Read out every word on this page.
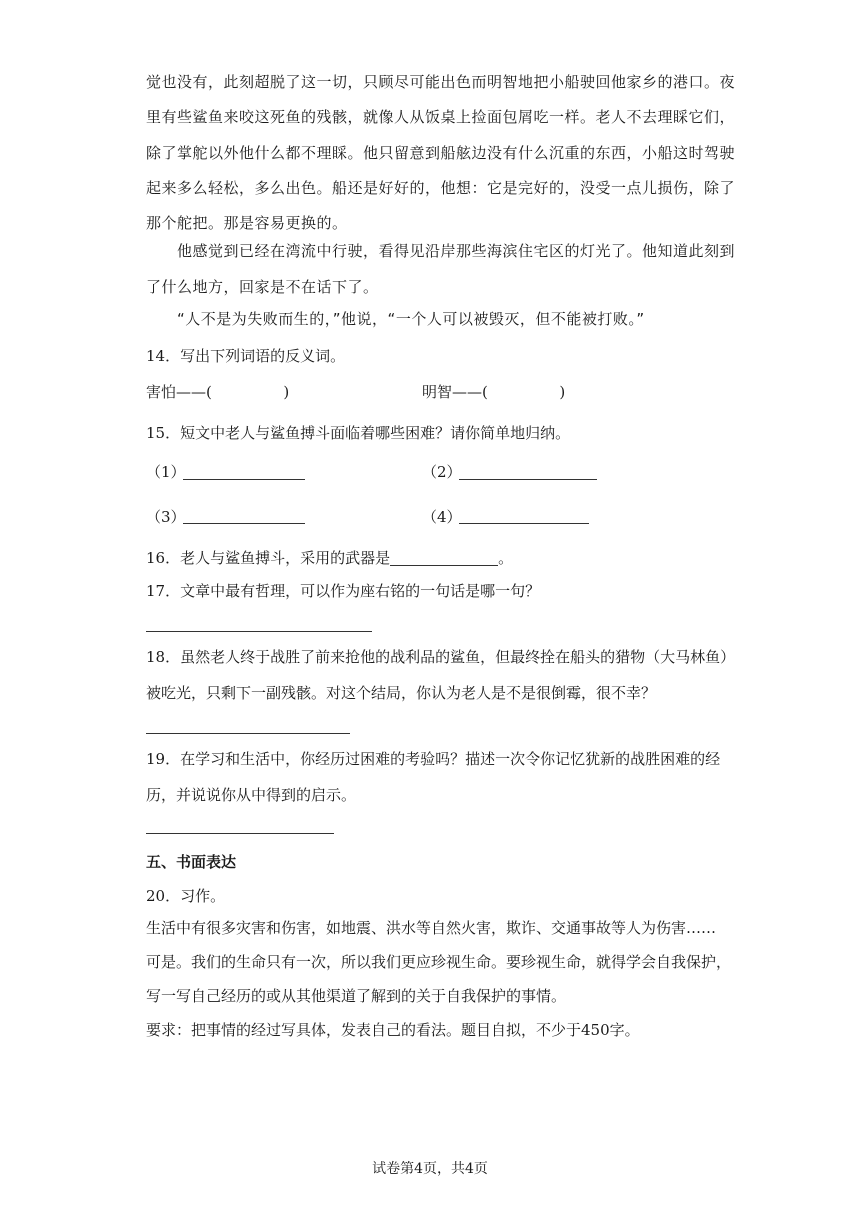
觉也没有，此刻超脱了这一切，只顾尽可能出色而明智地把小船驶回他家乡的港口。夜
里有些鲨鱼来咬这死鱼的残骸，就像人从饭桌上捡面包屑吃一样。老人不去理睬它们，
除了掌舵以外他什么都不理睬。他只留意到船舷边没有什么沉重的东西，小船这时驾驶
起来多么轻松，多么出色。船还是好好的，他想：它是完好的，没受一点儿损伤，除了
那个舵把。那是容易更换的。
　　他感觉到已经在湾流中行驶，看得见沿岸那些海滨住宅区的灯光了。他知道此刻到
了什么地方，回家是不在话下了。
　　“人不是为失败而生的，”他说，“一个人可以被毁灭，但不能被打败。”
14．写出下列词语的反义词。
害怕——(	)	明智——(	)
15．短文中老人与鲨鱼搏斗面临着哪些困难？请你简单地归纳。
（1）	（2）
（3）	（4）
16．老人与鲨鱼搏斗，采用的武器是	。
17．文章中最有哲理，可以作为座右铭的一句话是哪一句？
18．虽然老人终于战胜了前来抢他的战利品的鲨鱼，但最终拴在船头的猎物（大马林鱼）
被吃光，只剩下一副残骸。对这个结局，你认为老人是不是很倒霉，很不幸？
19．在学习和生活中，你经历过困难的考验吗？描述一次令你记忆犹新的战胜困难的经
历，并说说你从中得到的启示。
五、书面表达
20．习作。
生活中有很多灾害和伤害，如地震、洪水等自然火害，欺诈、交通事故等人为伤害……
可是。我们的生命只有一次，所以我们更应珍视生命。要珍视生命，就得学会自我保护，
写一写自己经历的或从其他渠道了解到的关于自我保护的事情。
要求：把事情的经过写具体，发表自己的看法。题目自拟，不少于450字。
试卷第4页，共4页
